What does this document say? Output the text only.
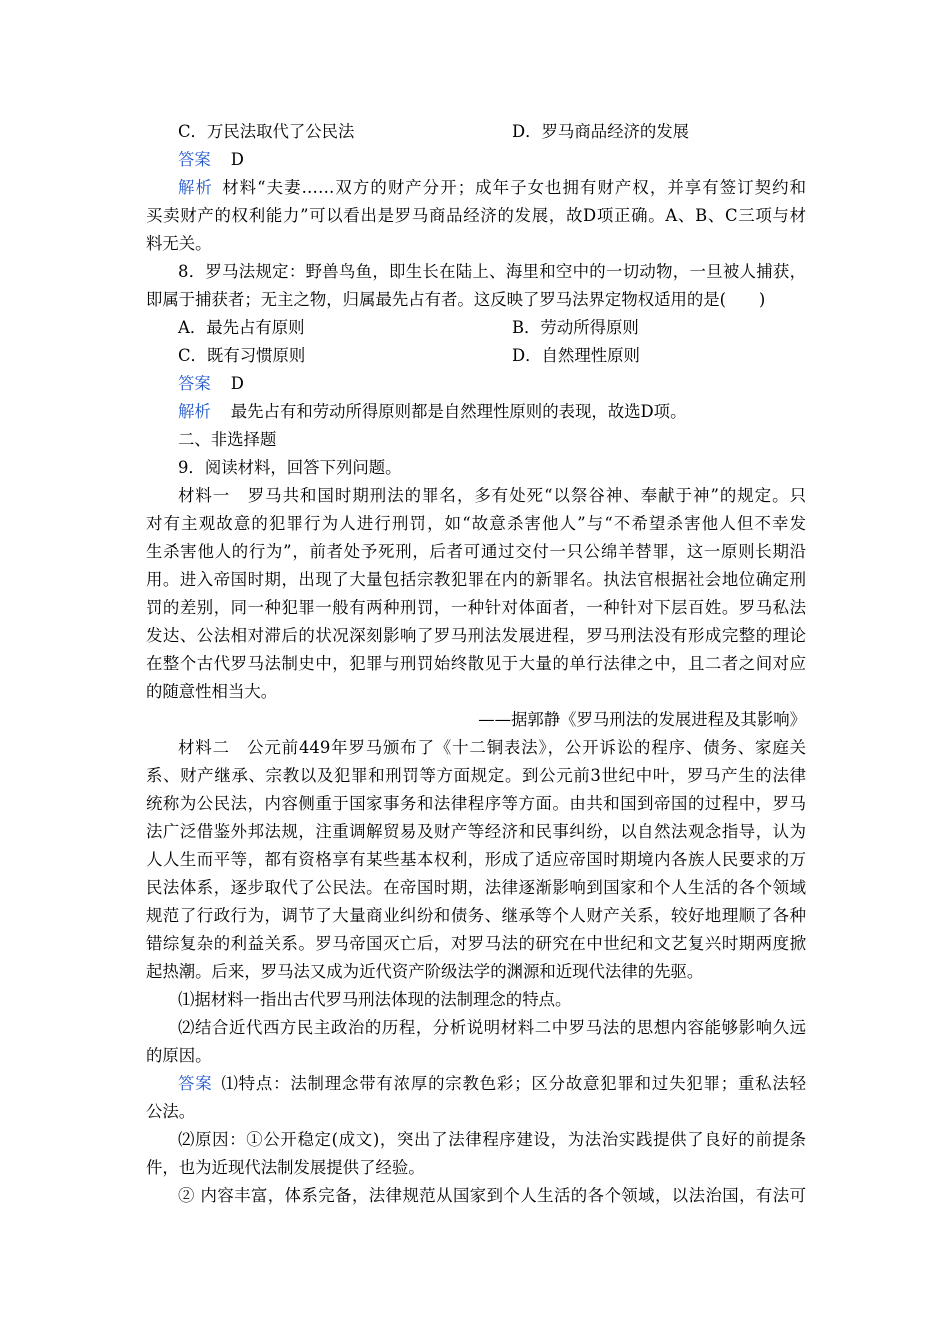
C．万民法取代了公民法	D．罗马商品经济的发展
答案 D
解析  材料“夫妻……双方的财产分开；成年子女也拥有财产权，并享有签订契约和
买卖财产的权利能力”可以看出是罗马商品经济的发展，故D项正确。A、B、C三项与材
料无关。
8．罗马法规定：野兽鸟鱼，即生长在陆上、海里和空中的一切动物，一旦被人捕获，
即属于捕获者；无主之物，归属最先占有者。这反映了罗马法界定物权适用的是(　　)
A．最先占有原则	B．劳动所得原则
C．既有习惯原则	D．自然理性原则
答案 D
解析 最先占有和劳动所得原则都是自然理性原则的表现，故选D项。
二、非选择题
9．阅读材料，回答下列问题。
材料一　罗马共和国时期刑法的罪名，多有处死“以祭谷神、奉献于神”的规定。只
对有主观故意的犯罪行为人进行刑罚，如“故意杀害他人”与“不希望杀害他人但不幸发
生杀害他人的行为”，前者处予死刑，后者可通过交付一只公绵羊替罪，这一原则长期沿
用。进入帝国时期，出现了大量包括宗教犯罪在内的新罪名。执法官根据社会地位确定刑
罚的差别，同一种犯罪一般有两种刑罚，一种针对体面者，一种针对下层百姓。罗马私法
发达、公法相对滞后的状况深刻影响了罗马刑法发展进程，罗马刑法没有形成完整的理论
在整个古代罗马法制史中，犯罪与刑罚始终散见于大量的单行法律之中，且二者之间对应
的随意性相当大。
——据郭静《罗马刑法的发展进程及其影响》
材料二　公元前449年罗马颁布了《十二铜表法》，公开诉讼的程序、债务、家庭关
系、财产继承、宗教以及犯罪和刑罚等方面规定。到公元前3世纪中叶，罗马产生的法律
统称为公民法，内容侧重于国家事务和法律程序等方面。由共和国到帝国的过程中，罗马
法广泛借鉴外邦法规，注重调解贸易及财产等经济和民事纠纷，以自然法观念指导，认为
人人生而平等，都有资格享有某些基本权利，形成了适应帝国时期境内各族人民要求的万
民法体系，逐步取代了公民法。在帝国时期，法律逐渐影响到国家和个人生活的各个领域
规范了行政行为，调节了大量商业纠纷和债务、继承等个人财产关系，较好地理顺了各种
错综复杂的利益关系。罗马帝国灭亡后，对罗马法的研究在中世纪和文艺复兴时期两度掀
起热潮。后来，罗马法又成为近代资产阶级法学的渊源和近现代法律的先驱。
⑴据材料一指出古代罗马刑法体现的法制理念的特点。
⑵结合近代西方民主政治的历程，分析说明材料二中罗马法的思想内容能够影响久远
的原因。
答案  ⑴特点：法制理念带有浓厚的宗教色彩；区分故意犯罪和过失犯罪；重私法轻
公法。
⑵原因：①公开稳定(成文)，突出了法律程序建设，为法治实践提供了良好的前提条
件，也为近现代法制发展提供了经验。
② 内容丰富，体系完备，法律规范从国家到个人生活的各个领域，以法治国，有法可
